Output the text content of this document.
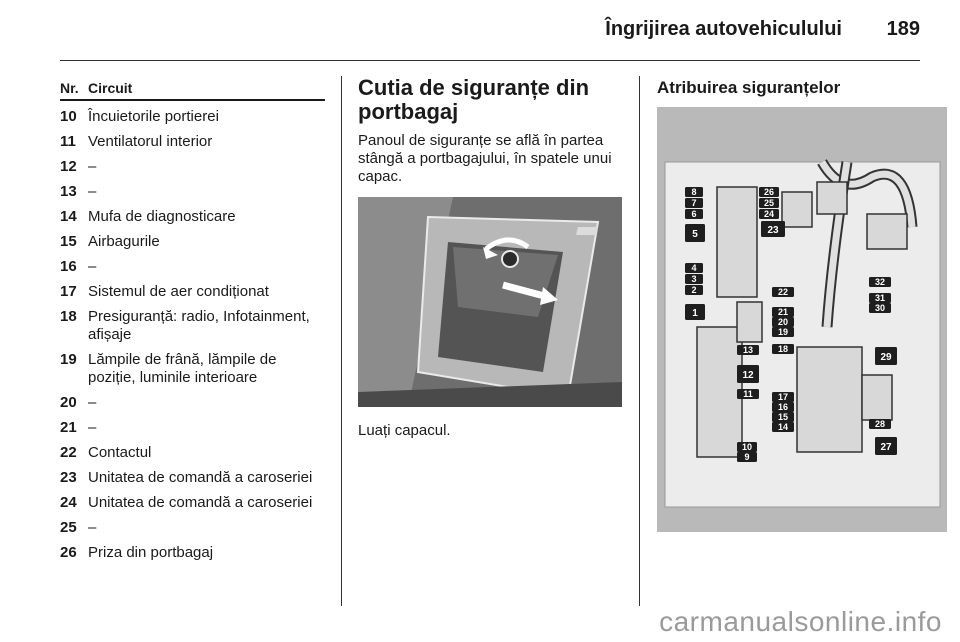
Îngrijirea autovehiculului 189
Nr. Circuit
10 Încuietorile portierei
11 Ventilatorul interior
12 –
13 –
14 Mufa de diagnosticare
15 Airbagurile
16 –
17 Sistemul de aer condiționat
18 Presiguranță: radio, Infotainment, afișaje
19 Lămpile de frână, lămpile de poziție, luminile interioare
20 –
21 –
22 Contactul
23 Unitatea de comandă a caroseriei
24 Unitatea de comandă a caroseriei
25 –
26 Priza din portbagaj
Cutia de siguranțe din portbagaj
Panoul de siguranțe se află în partea stângă a portbagajului, în spatele unui capac.
Luați capacul.
Atribuirea siguranțelor
8
7
6
26
25
24
5	23
4
3
2	22
32
31
30
1	21
20
19
13	18
29
12
11	17
16
15
14	28
10
9
27
carmanualsonline.info
